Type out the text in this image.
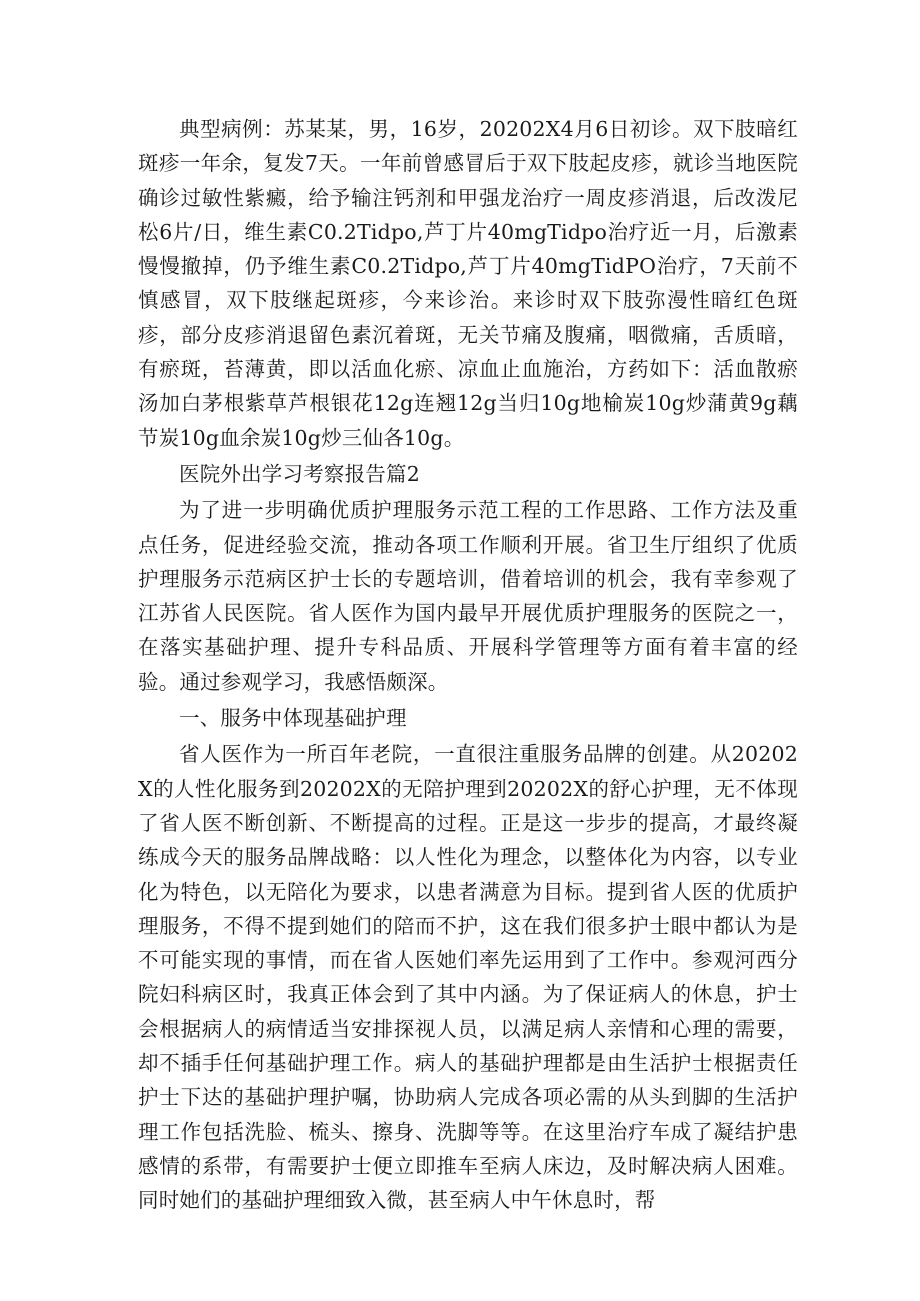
典型病例：苏某某，男，16岁，20202X4月6日初诊。双下肢暗红斑疹一年余，复发7天。一年前曾感冒后于双下肢起皮疹，就诊当地医院确诊过敏性紫癜，给予输注钙剂和甲强龙治疗一周皮疹消退，后改泼尼松6片/日，维生素C0.2Tidpo,芦丁片40mgTidpo治疗近一月，后激素慢慢撤掉，仍予维生素C0.2Tidpo,芦丁片40mgTidPO治疗，7天前不慎感冒，双下肢继起斑疹，今来诊治。来诊时双下肢弥漫性暗红色斑疹，部分皮疹消退留色素沉着斑，无关节痛及腹痛，咽微痛，舌质暗，有瘀斑，苔薄黄，即以活血化瘀、凉血止血施治，方药如下：活血散瘀汤加白茅根紫草芦根银花12g连翘12g当归10g地榆炭10g炒蒲黄9g藕节炭10g血余炭10g炒三仙各10g。

医院外出学习考察报告篇2

为了进一步明确优质护理服务示范工程的工作思路、工作方法及重点任务，促进经验交流，推动各项工作顺利开展。省卫生厅组织了优质护理服务示范病区护士长的专题培训，借着培训的机会，我有幸参观了江苏省人民医院。省人医作为国内最早开展优质护理服务的医院之一，在落实基础护理、提升专科品质、开展科学管理等方面有着丰富的经验。通过参观学习，我感悟颇深。

一、服务中体现基础护理

省人医作为一所百年老院，一直很注重服务品牌的创建。从20202X的人性化服务到20202X的无陪护理到20202X的舒心护理，无不体现了省人医不断创新、不断提高的过程。正是这一步步的提高，才最终凝练成今天的服务品牌战略：以人性化为理念，以整体化为内容，以专业化为特色，以无陪化为要求，以患者满意为目标。提到省人医的优质护理服务，不得不提到她们的陪而不护，这在我们很多护士眼中都认为是不可能实现的事情，而在省人医她们率先运用到了工作中。参观河西分院妇科病区时，我真正体会到了其中内涵。为了保证病人的休息，护士会根据病人的病情适当安排探视人员，以满足病人亲情和心理的需要，却不插手任何基础护理工作。病人的基础护理都是由生活护士根据责任护士下达的基础护理护嘱，协助病人完成各项必需的从头到脚的生活护理工作包括洗脸、梳头、擦身、洗脚等等。在这里治疗车成了凝结护患感情的系带，有需要护士便立即推车至病人床边，及时解决病人困难。同时她们的基础护理细致入微，甚至病人中午休息时，帮
